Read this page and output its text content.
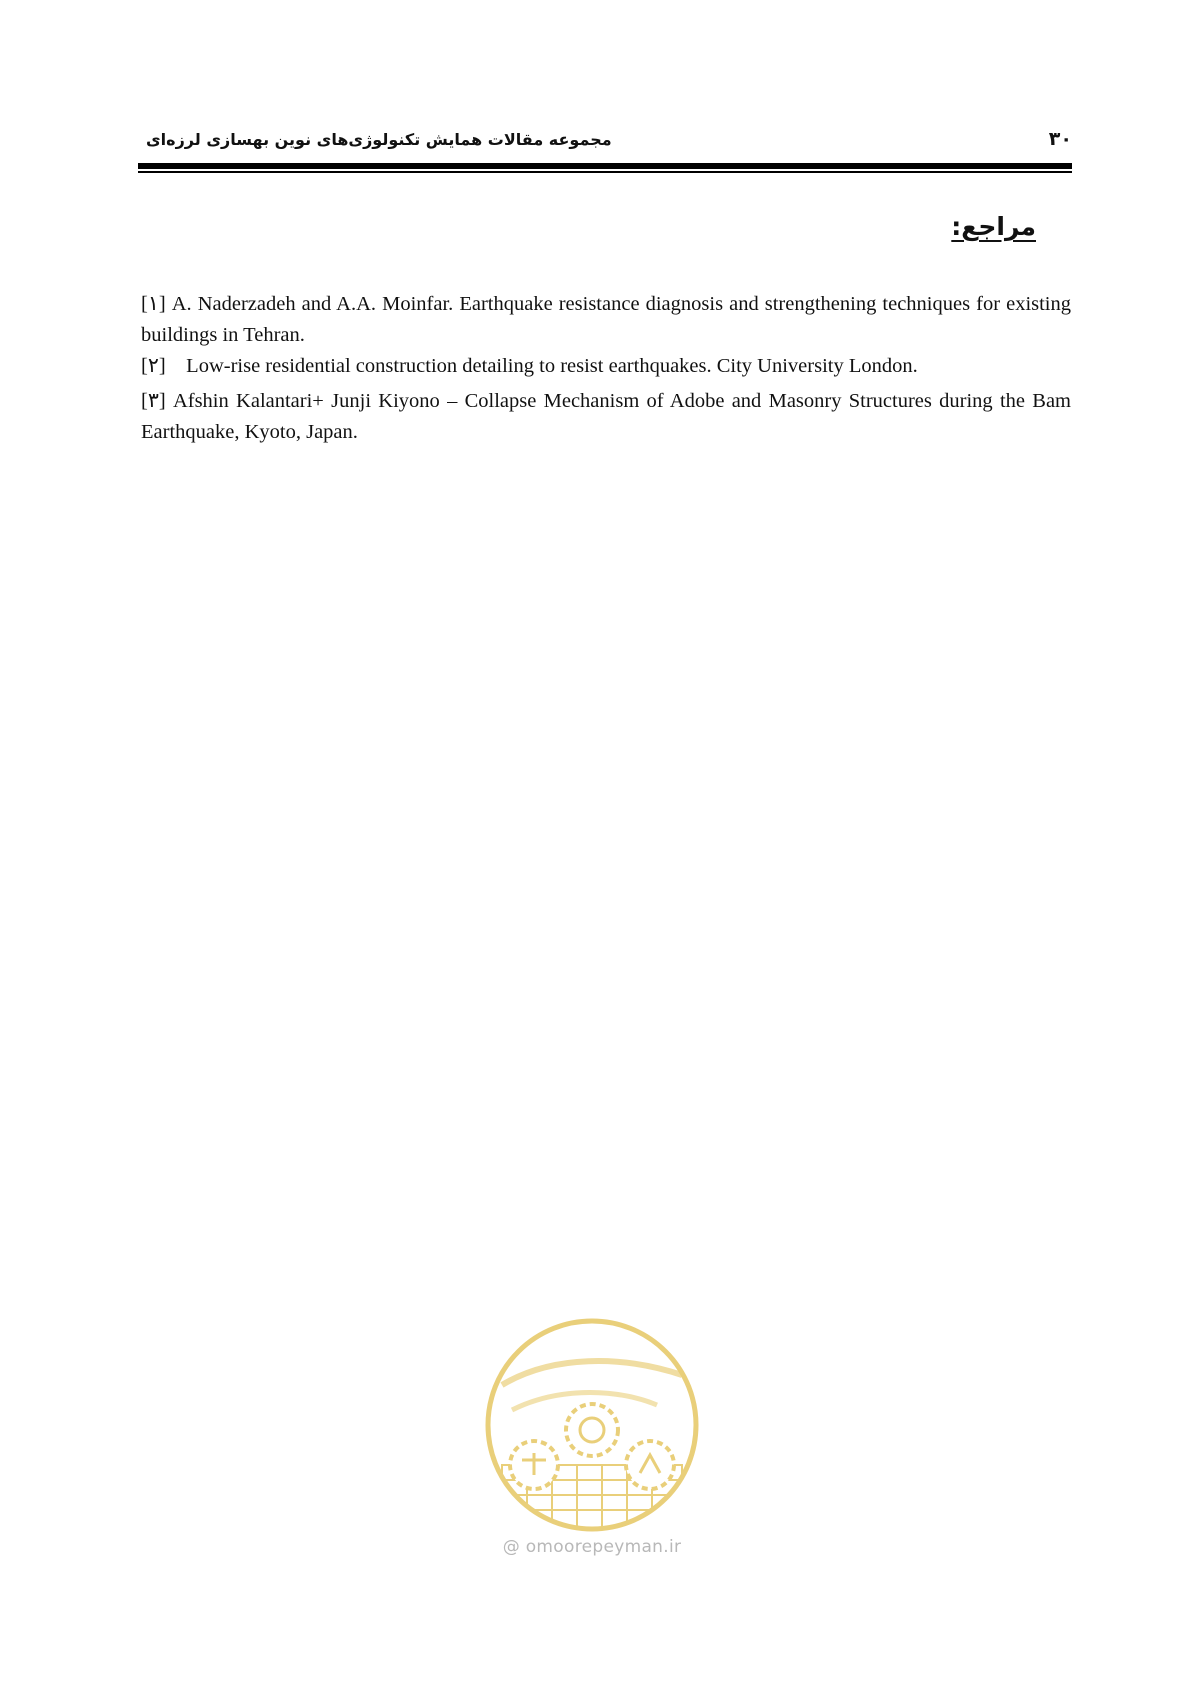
مجموعه مقالات همایش تکنولوژی‌های نوین بهسازی لرزه‌ای	۳۰
مراجع:

[۱] A. Naderzadeh and A.A. Moinfar. Earthquake resistance diagnosis and strengthening techniques for existing buildings in Tehran.

[۲] Low-rise residential construction detailing to resist earthquakes. City University London.

[۳] Afshin Kalantari+ Junji Kiyono – Collapse Mechanism of Adobe and Masonry Structures during the Bam Earthquake, Kyoto, Japan.

@ omoorepeyman.ir
